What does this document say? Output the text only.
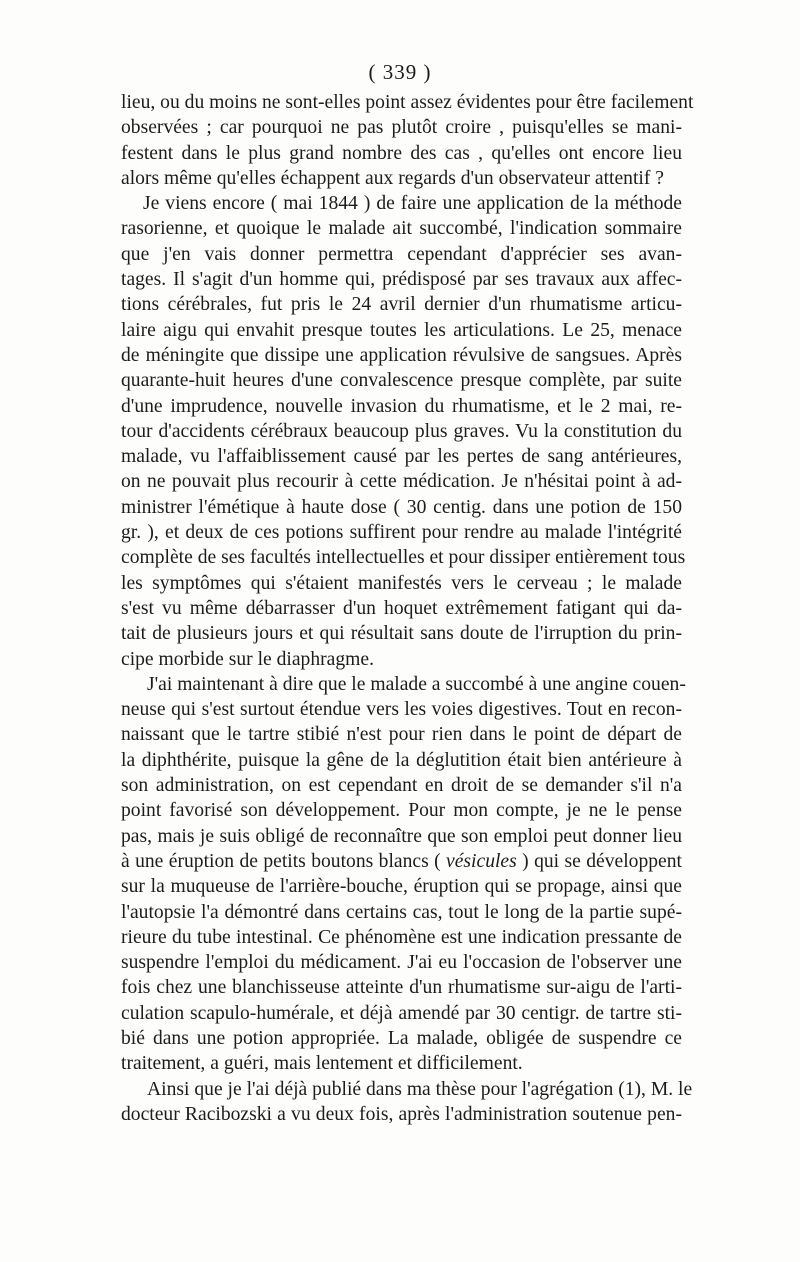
( 339 )
lieu, ou du moins ne sont-elles point assez évidentes pour être facilement
observées ; car pourquoi ne pas plutôt croire , puisqu'elles se mani-
festent dans le plus grand nombre des cas , qu'elles ont encore lieu
alors même qu'elles échappent aux regards d'un observateur attentif ?
Je viens encore ( mai 1844 ) de faire une application de la méthode
rasorienne, et quoique le malade ait succombé, l'indication sommaire
que j'en vais donner permettra cependant d'apprécier ses avan-
tages. Il s'agit d'un homme qui, prédisposé par ses travaux aux affec-
tions cérébrales, fut pris le 24 avril dernier d'un rhumatisme articu-
laire aigu qui envahit presque toutes les articulations. Le 25, menace
de méningite que dissipe une application révulsive de sangsues. Après
quarante-huit heures d'une convalescence presque complète, par suite
d'une imprudence, nouvelle invasion du rhumatisme, et le 2 mai, re-
tour d'accidents cérébraux beaucoup plus graves. Vu la constitution du
malade, vu l'affaiblissement causé par les pertes de sang antérieures,
on ne pouvait plus recourir à cette médication. Je n'hésitai point à ad-
ministrer l'émétique à haute dose ( 30 centig. dans une potion de 150
gr. ), et deux de ces potions suffirent pour rendre au malade l'intégrité
complète de ses facultés intellectuelles et pour dissiper entièrement tous
les symptômes qui s'étaient manifestés vers le cerveau ; le malade
s'est vu même débarrasser d'un hoquet extrêmement fatigant qui da-
tait de plusieurs jours et qui résultait sans doute de l'irruption du prin-
cipe morbide sur le diaphragme.
J'ai maintenant à dire que le malade a succombé à une angine couen-
neuse qui s'est surtout étendue vers les voies digestives. Tout en recon-
naissant que le tartre stibié n'est pour rien dans le point de départ de
la diphthérite, puisque la gêne de la déglutition était bien antérieure à
son administration, on est cependant en droit de se demander s'il n'a
point favorisé son développement. Pour mon compte, je ne le pense
pas, mais je suis obligé de reconnaître que son emploi peut donner lieu
à une éruption de petits boutons blancs ( vésicules ) qui se développent
sur la muqueuse de l'arrière-bouche, éruption qui se propage, ainsi que
l'autopsie l'a démontré dans certains cas, tout le long de la partie supé-
rieure du tube intestinal. Ce phénomène est une indication pressante de
suspendre l'emploi du médicament. J'ai eu l'occasion de l'observer une
fois chez une blanchisseuse atteinte d'un rhumatisme sur-aigu de l'arti-
culation scapulo-humérale, et déjà amendé par 30 centigr. de tartre sti-
bié dans une potion appropriée. La malade, obligée de suspendre ce
traitement, a guéri, mais lentement et difficilement.
Ainsi que je l'ai déjà publié dans ma thèse pour l'agrégation (1), M. le
docteur Racibozski a vu deux fois, après l'administration soutenue pen-
